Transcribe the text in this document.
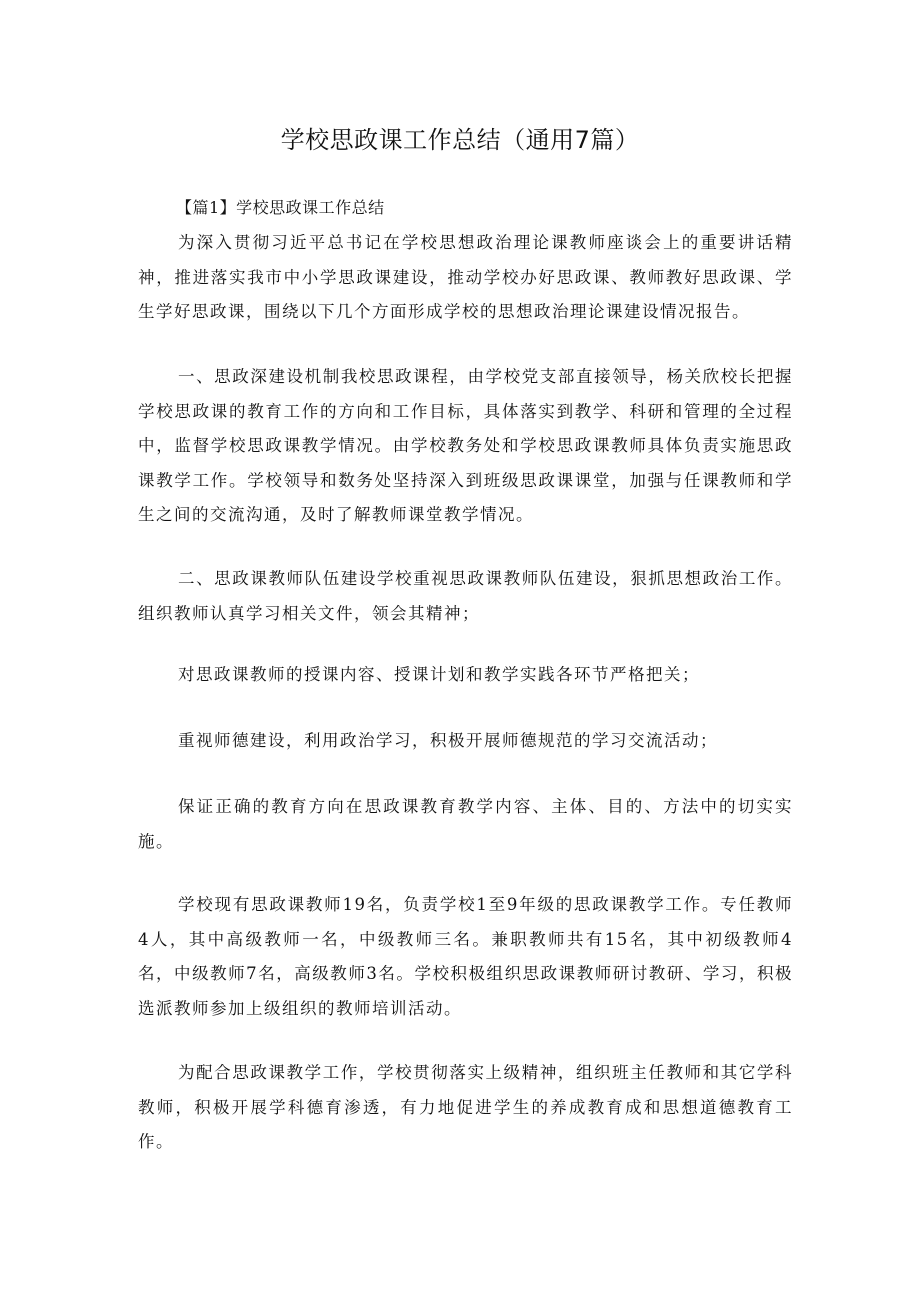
学校思政课工作总结（通用7篇）
【篇1】学校思政课工作总结

为深入贯彻习近平总书记在学校思想政治理论课教师座谈会上的重要讲话精神，推进落实我市中小学思政课建设，推动学校办好思政课、教师教好思政课、学生学好思政课，围绕以下几个方面形成学校的思想政治理论课建设情况报告。

一、思政深建设机制我校思政课程，由学校党支部直接领导，杨关欣校长把握学校思政课的教育工作的方向和工作目标，具体落实到教学、科研和管理的全过程中，监督学校思政课教学情况。由学校教务处和学校思政课教师具体负责实施思政课教学工作。学校领导和数务处坚持深入到班级思政课课堂，加强与任课教师和学生之间的交流沟通，及时了解教师课堂教学情况。

二、思政课教师队伍建设学校重视思政课教师队伍建设，狠抓思想政治工作。组织教师认真学习相关文件，领会其精神；

对思政课教师的授课内容、授课计划和教学实践各环节严格把关；

重视师德建设，利用政治学习，积极开展师德规范的学习交流活动；

保证正确的教育方向在思政课教育教学内容、主体、目的、方法中的切实实施。

学校现有思政课教师19名，负责学校1至9年级的思政课教学工作。专任教师4人，其中高级教师一名，中级教师三名。兼职教师共有15名，其中初级教师4名，中级教师7名，高级教师3名。学校积极组织思政课教师研讨教研、学习，积极选派教师参加上级组织的教师培训活动。

为配合思政课教学工作，学校贯彻落实上级精神，组织班主任教师和其它学科教师，积极开展学科德育渗透，有力地促进学生的养成教育成和思想道德教育工作。
